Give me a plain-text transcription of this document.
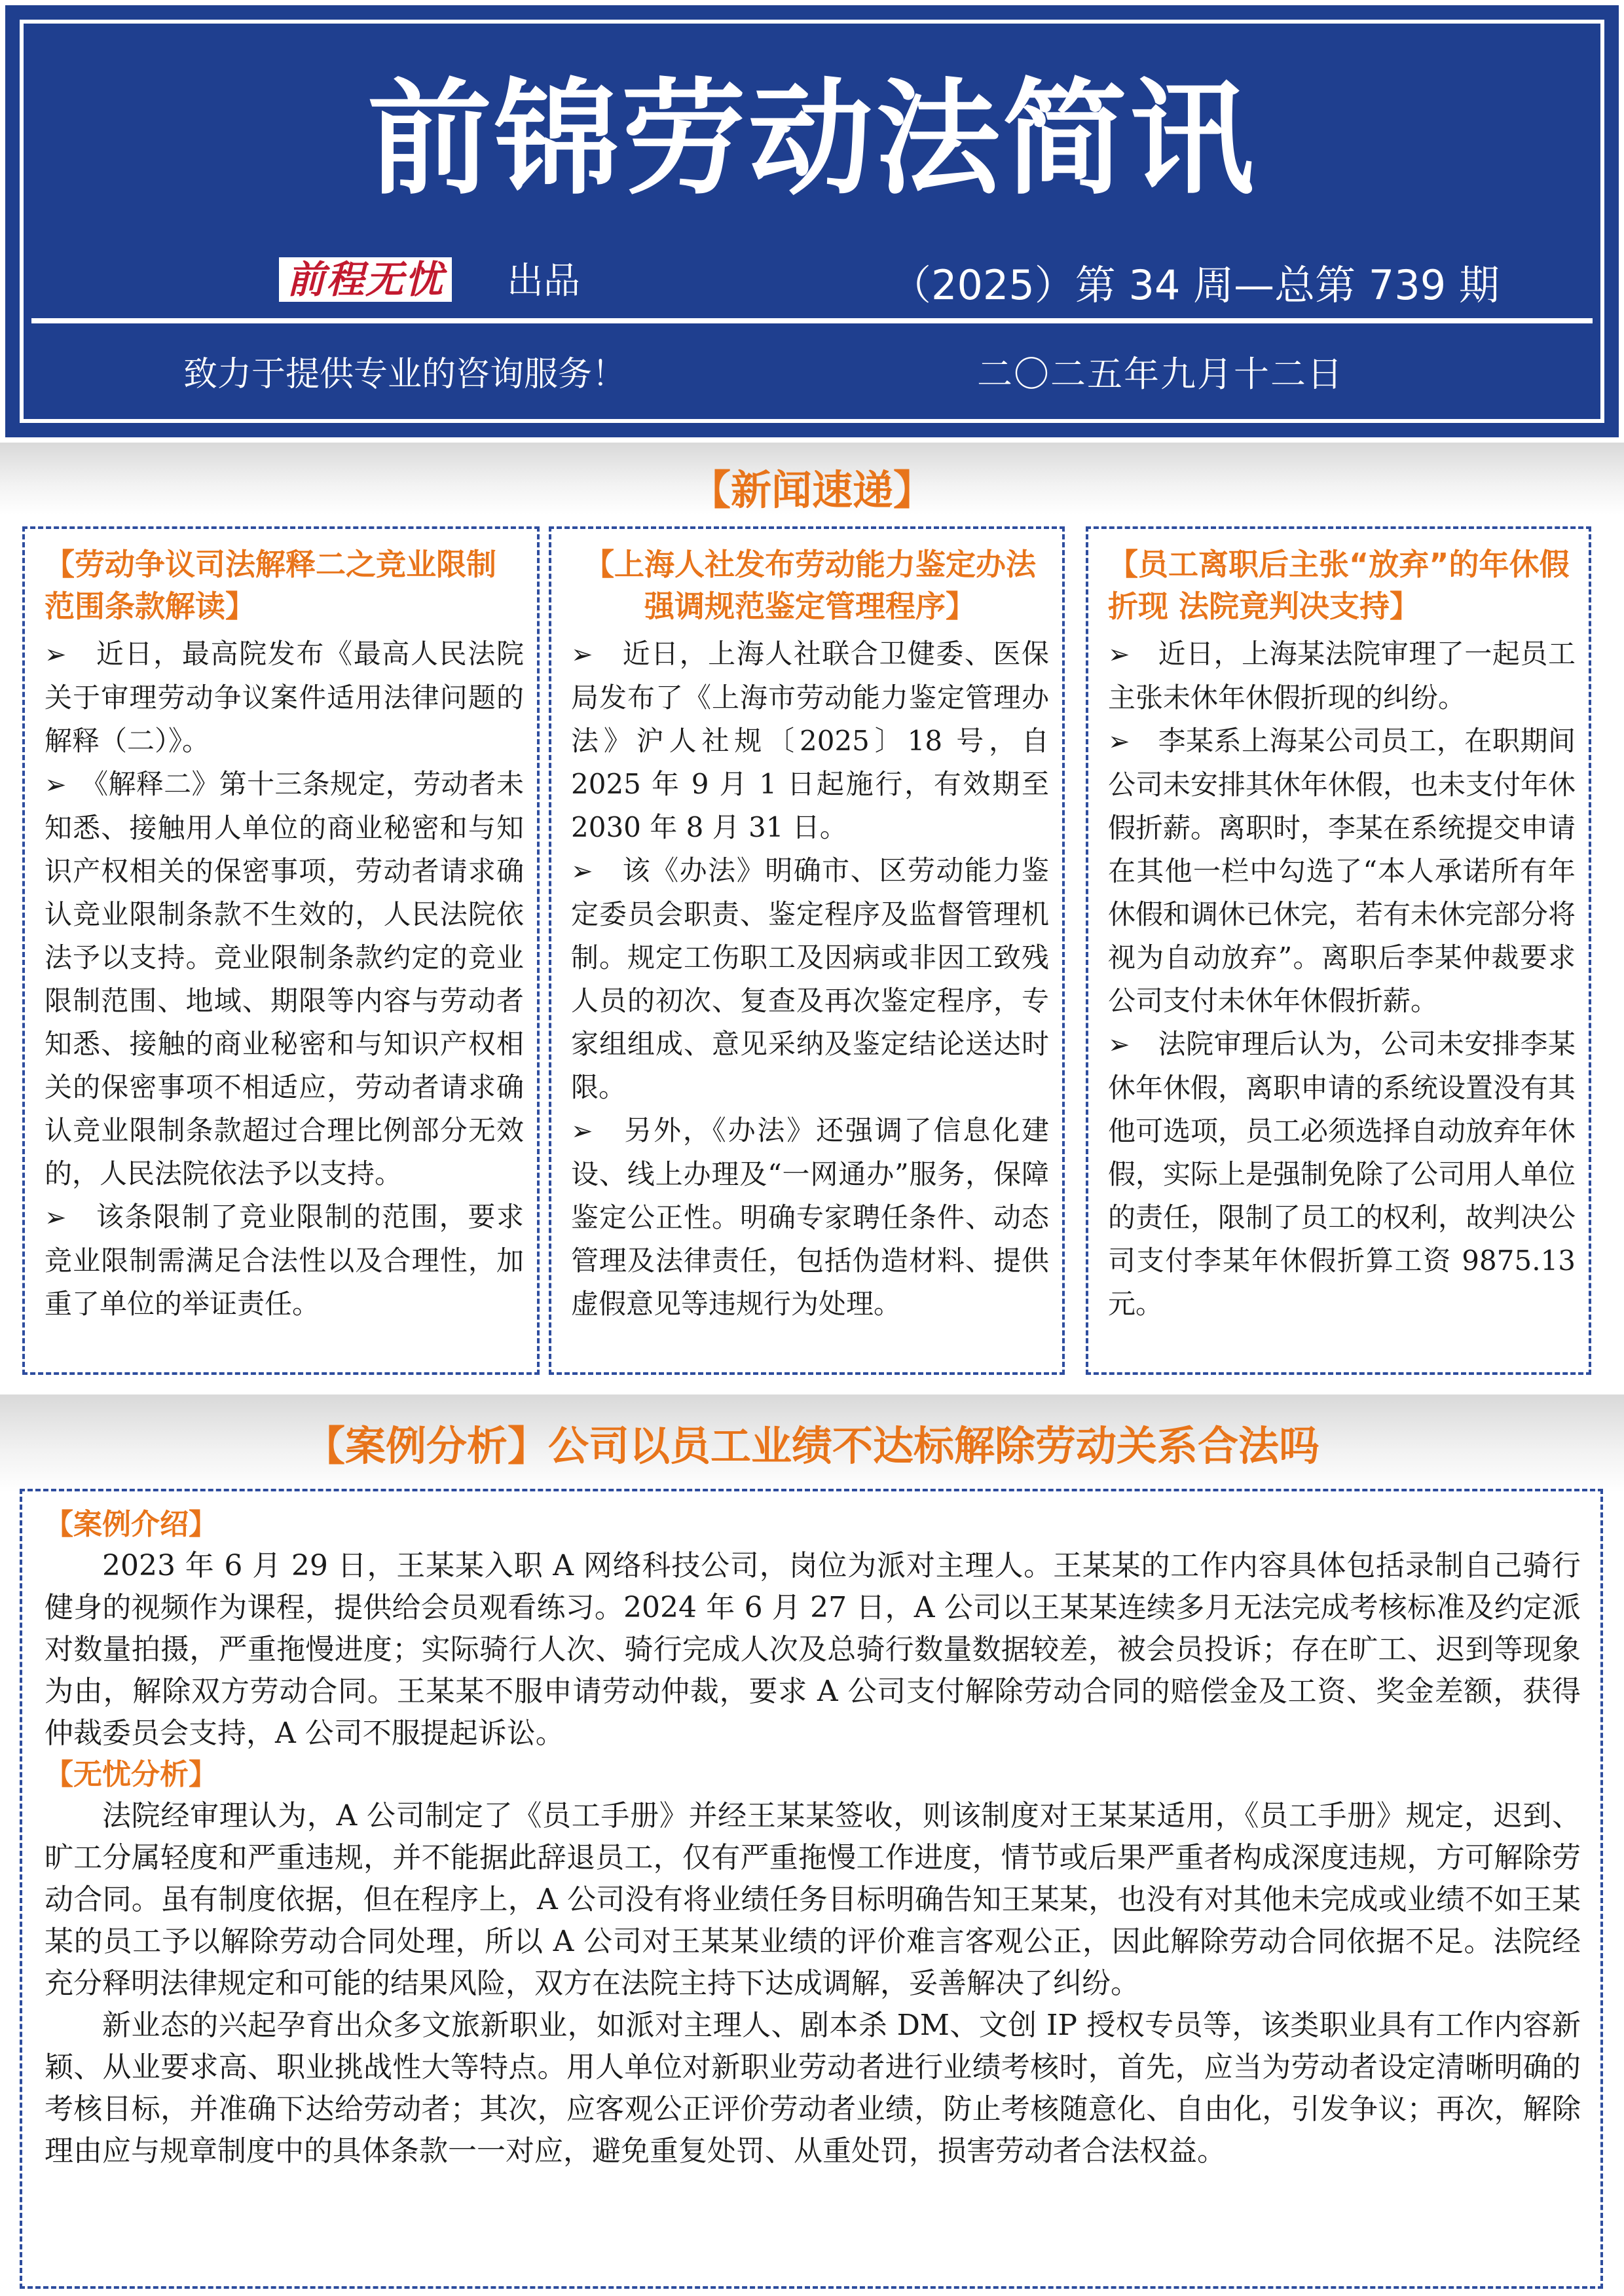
前锦劳动法简讯
前程无忧 出品	（2025）第 34 周—总第 739 期
致力于提供专业的咨询服务！	二〇二五年九月十二日
【新闻速递】
【劳动争议司法解释二之竞业限制范围条款解读】

➢　 近日，最高院发布《最高人民法院关于审理劳动争议案件适用法律问题的解释（二）》。

➢　 《解释二》第十三条规定，劳动者未知悉、接触用人单位的商业秘密和与知识产权相关的保密事项，劳动者请求确认竞业限制条款不生效的，人民法院依法予以支持。竞业限制条款约定的竞业限制范围、地域、期限等内容与劳动者知悉、接触的商业秘密和与知识产权相关的保密事项不相适应，劳动者请求确认竞业限制条款超过合理比例部分无效的，人民法院依法予以支持。

➢　 该条限制了竞业限制的范围，要求竞业限制需满足合法性以及合理性，加重了单位的举证责任。

【上海人社发布劳动能力鉴定办法 强调规范鉴定管理程序】

➢　 近日，上海人社联合卫健委、医保局发布了《上海市劳动能力鉴定管理办法》沪人社规〔2025〕18 号，自 2025 年 9 月 1 日起施行，有效期至 2030 年 8 月 31 日。

➢　 该《办法》明确市、区劳动能力鉴定委员会职责、鉴定程序及监督管理机制。规定工伤职工及因病或非因工致残人员的初次、复查及再次鉴定程序，专家组组成、意见采纳及鉴定结论送达时限。

➢　 另外，《办法》还强调了信息化建设、线上办理及“一网通办”服务，保障鉴定公正性。明确专家聘任条件、动态管理及法律责任，包括伪造材料、提供虚假意见等违规行为处理。

【员工离职后主张“放弃”的年休假折现 法院竟判决支持】

➢　 近日，上海某法院审理了一起员工主张未休年休假折现的纠纷。

➢　 李某系上海某公司员工，在职期间公司未安排其休年休假，也未支付年休假折薪。离职时，李某在系统提交申请在其他一栏中勾选了“本人承诺所有年休假和调休已休完，若有未休完部分将视为自动放弃”。离职后李某仲裁要求公司支付未休年休假折薪。

➢　 法院审理后认为，公司未安排李某休年休假，离职申请的系统设置没有其他可选项，员工必须选择自动放弃年休假，实际上是强制免除了公司用人单位的责任，限制了员工的权利，故判决公司支付李某年休假折算工资 9875.13 元。

【案例分析】公司以员工业绩不达标解除劳动关系合法吗

【案例介绍】

2023 年 6 月 29 日，王某某入职 A 网络科技公司，岗位为派对主理人。王某某的工作内容具体包括录制自己骑行健身的视频作为课程，提供给会员观看练习。2024 年 6 月 27 日，A 公司以王某某连续多月无法完成考核标准及约定派对数量拍摄，严重拖慢进度；实际骑行人次、骑行完成人次及总骑行数量数据较差，被会员投诉；存在旷工、迟到等现象为由，解除双方劳动合同。王某某不服申请劳动仲裁，要求 A 公司支付解除劳动合同的赔偿金及工资、奖金差额，获得仲裁委员会支持，A 公司不服提起诉讼。

【无忧分析】

法院经审理认为，A 公司制定了《员工手册》并经王某某签收，则该制度对王某某适用，《员工手册》规定，迟到、旷工分属轻度和严重违规，并不能据此辞退员工，仅有严重拖慢工作进度，情节或后果严重者构成深度违规，方可解除劳动合同。虽有制度依据，但在程序上，A 公司没有将业绩任务目标明确告知王某某，也没有对其他未完成或业绩不如王某某的员工予以解除劳动合同处理，所以 A 公司对王某某业绩的评价难言客观公正，因此解除劳动合同依据不足。法院经充分释明法律规定和可能的结果风险，双方在法院主持下达成调解，妥善解决了纠纷。

新业态的兴起孕育出众多文旅新职业，如派对主理人、剧本杀 DM、文创 IP 授权专员等，该类职业具有工作内容新颖、从业要求高、职业挑战性大等特点。用人单位对新职业劳动者进行业绩考核时，首先，应当为劳动者设定清晰明确的考核目标，并准确下达给劳动者；其次，应客观公正评价劳动者业绩，防止考核随意化、自由化，引发争议；再次，解除理由应与规章制度中的具体条款一一对应，避免重复处罚、从重处罚，损害劳动者合法权益。
